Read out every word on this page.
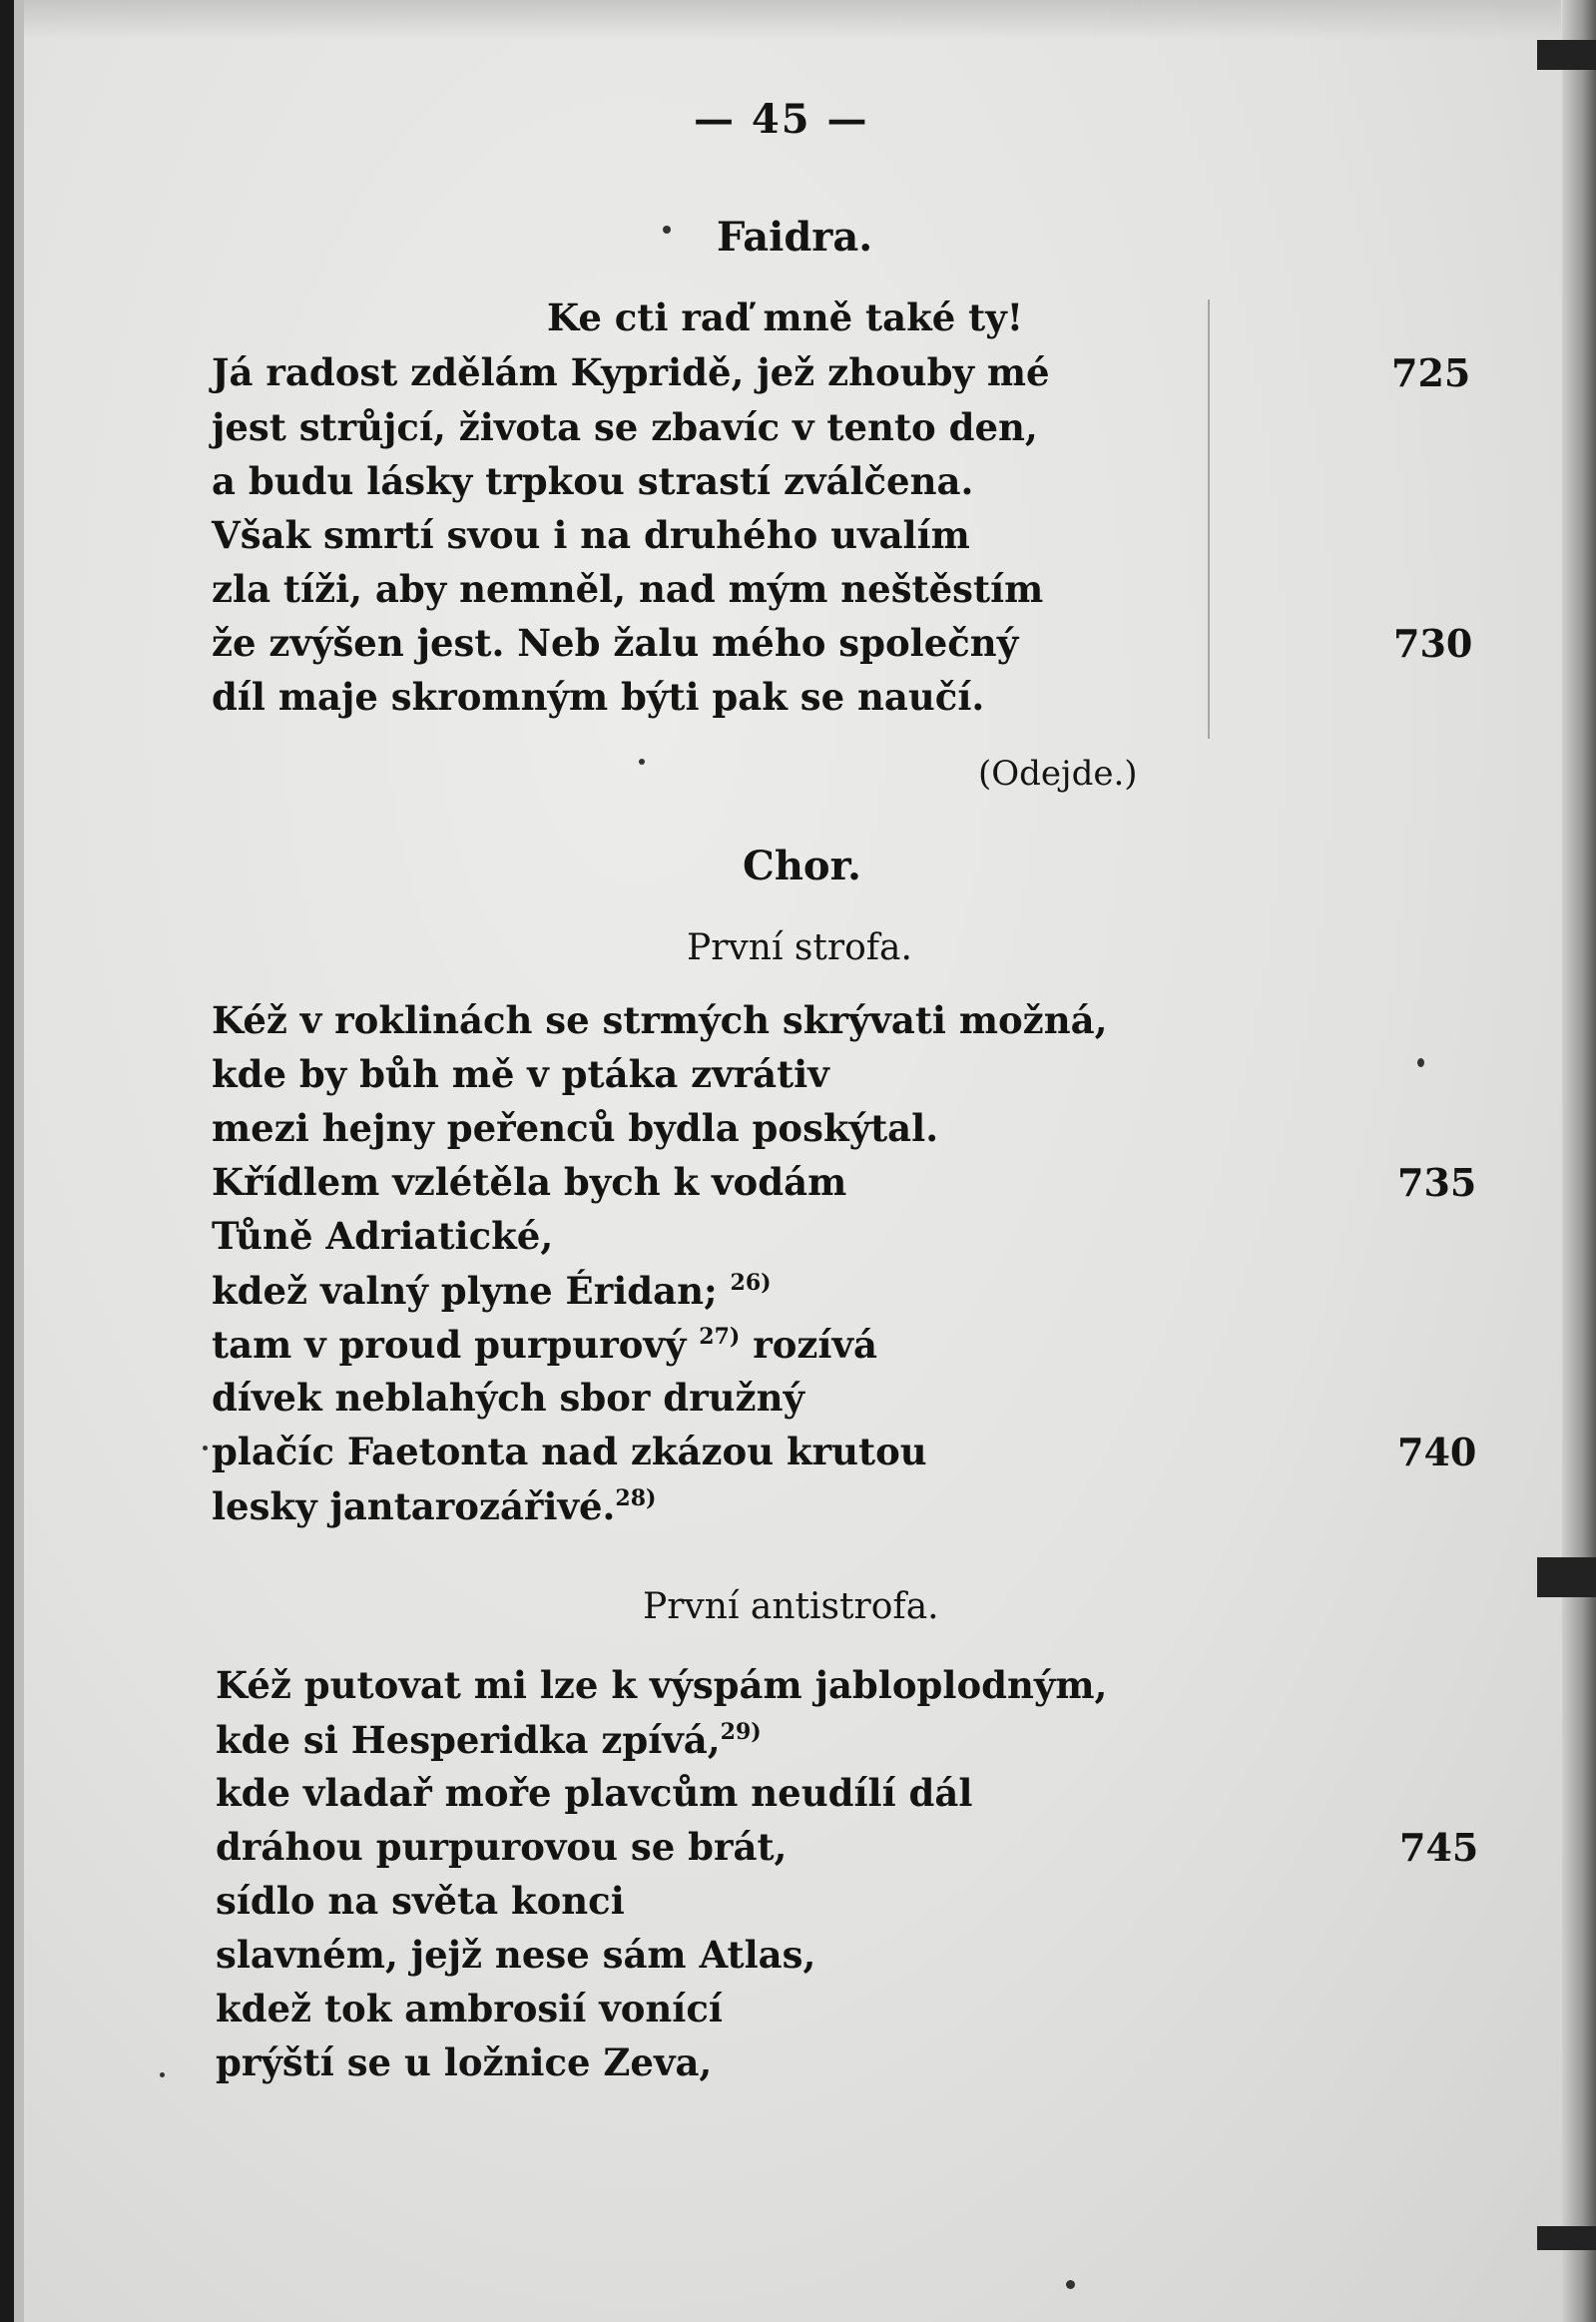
— 45 —
Faidra.
Ke cti raď mně také ty!
Já radost zdělám Kypridě, jež zhouby mé
jest strůjcí, života se zbavíc v tento den,
a budu lásky trpkou strastí zválčena.
Však smrtí svou i na druhého uvalím
zla tíži, aby nemněl, nad mým neštěstím
že zvýšen jest. Neb žalu mého společný
díl maje skromným býti pak se naučí.
725
730
(Odejde.)
Chor.
První strofa.
Kéž v roklinách se strmých skrývati možná,
kde by bůh mě v ptáka zvrátiv
mezi hejny peřenců bydla poskýtal.
Křídlem vzlétěla bych k vodám
Tůně Adriatické,
kdež valný plyne Éridan; $^{26)}$
tam v proud purpurový $^{27)}$ rozívá
dívek neblahých sbor družný
plačíc Faetonta nad zkázou krutou
lesky jantarozářivé.$^{28)}$
735
740
První antistrofa.
Kéž putovat mi lze k výspám jabloplodným,
kde si Hesperidka zpívá,$^{29)}$
kde vladař moře plavcům neudílí dál
dráhou purpurovou se brát,
sídlo na světa konci
slavném, jejž nese sám Atlas,
kdež tok ambrosií vonící
prýští se u ložnice Zeva,
745
